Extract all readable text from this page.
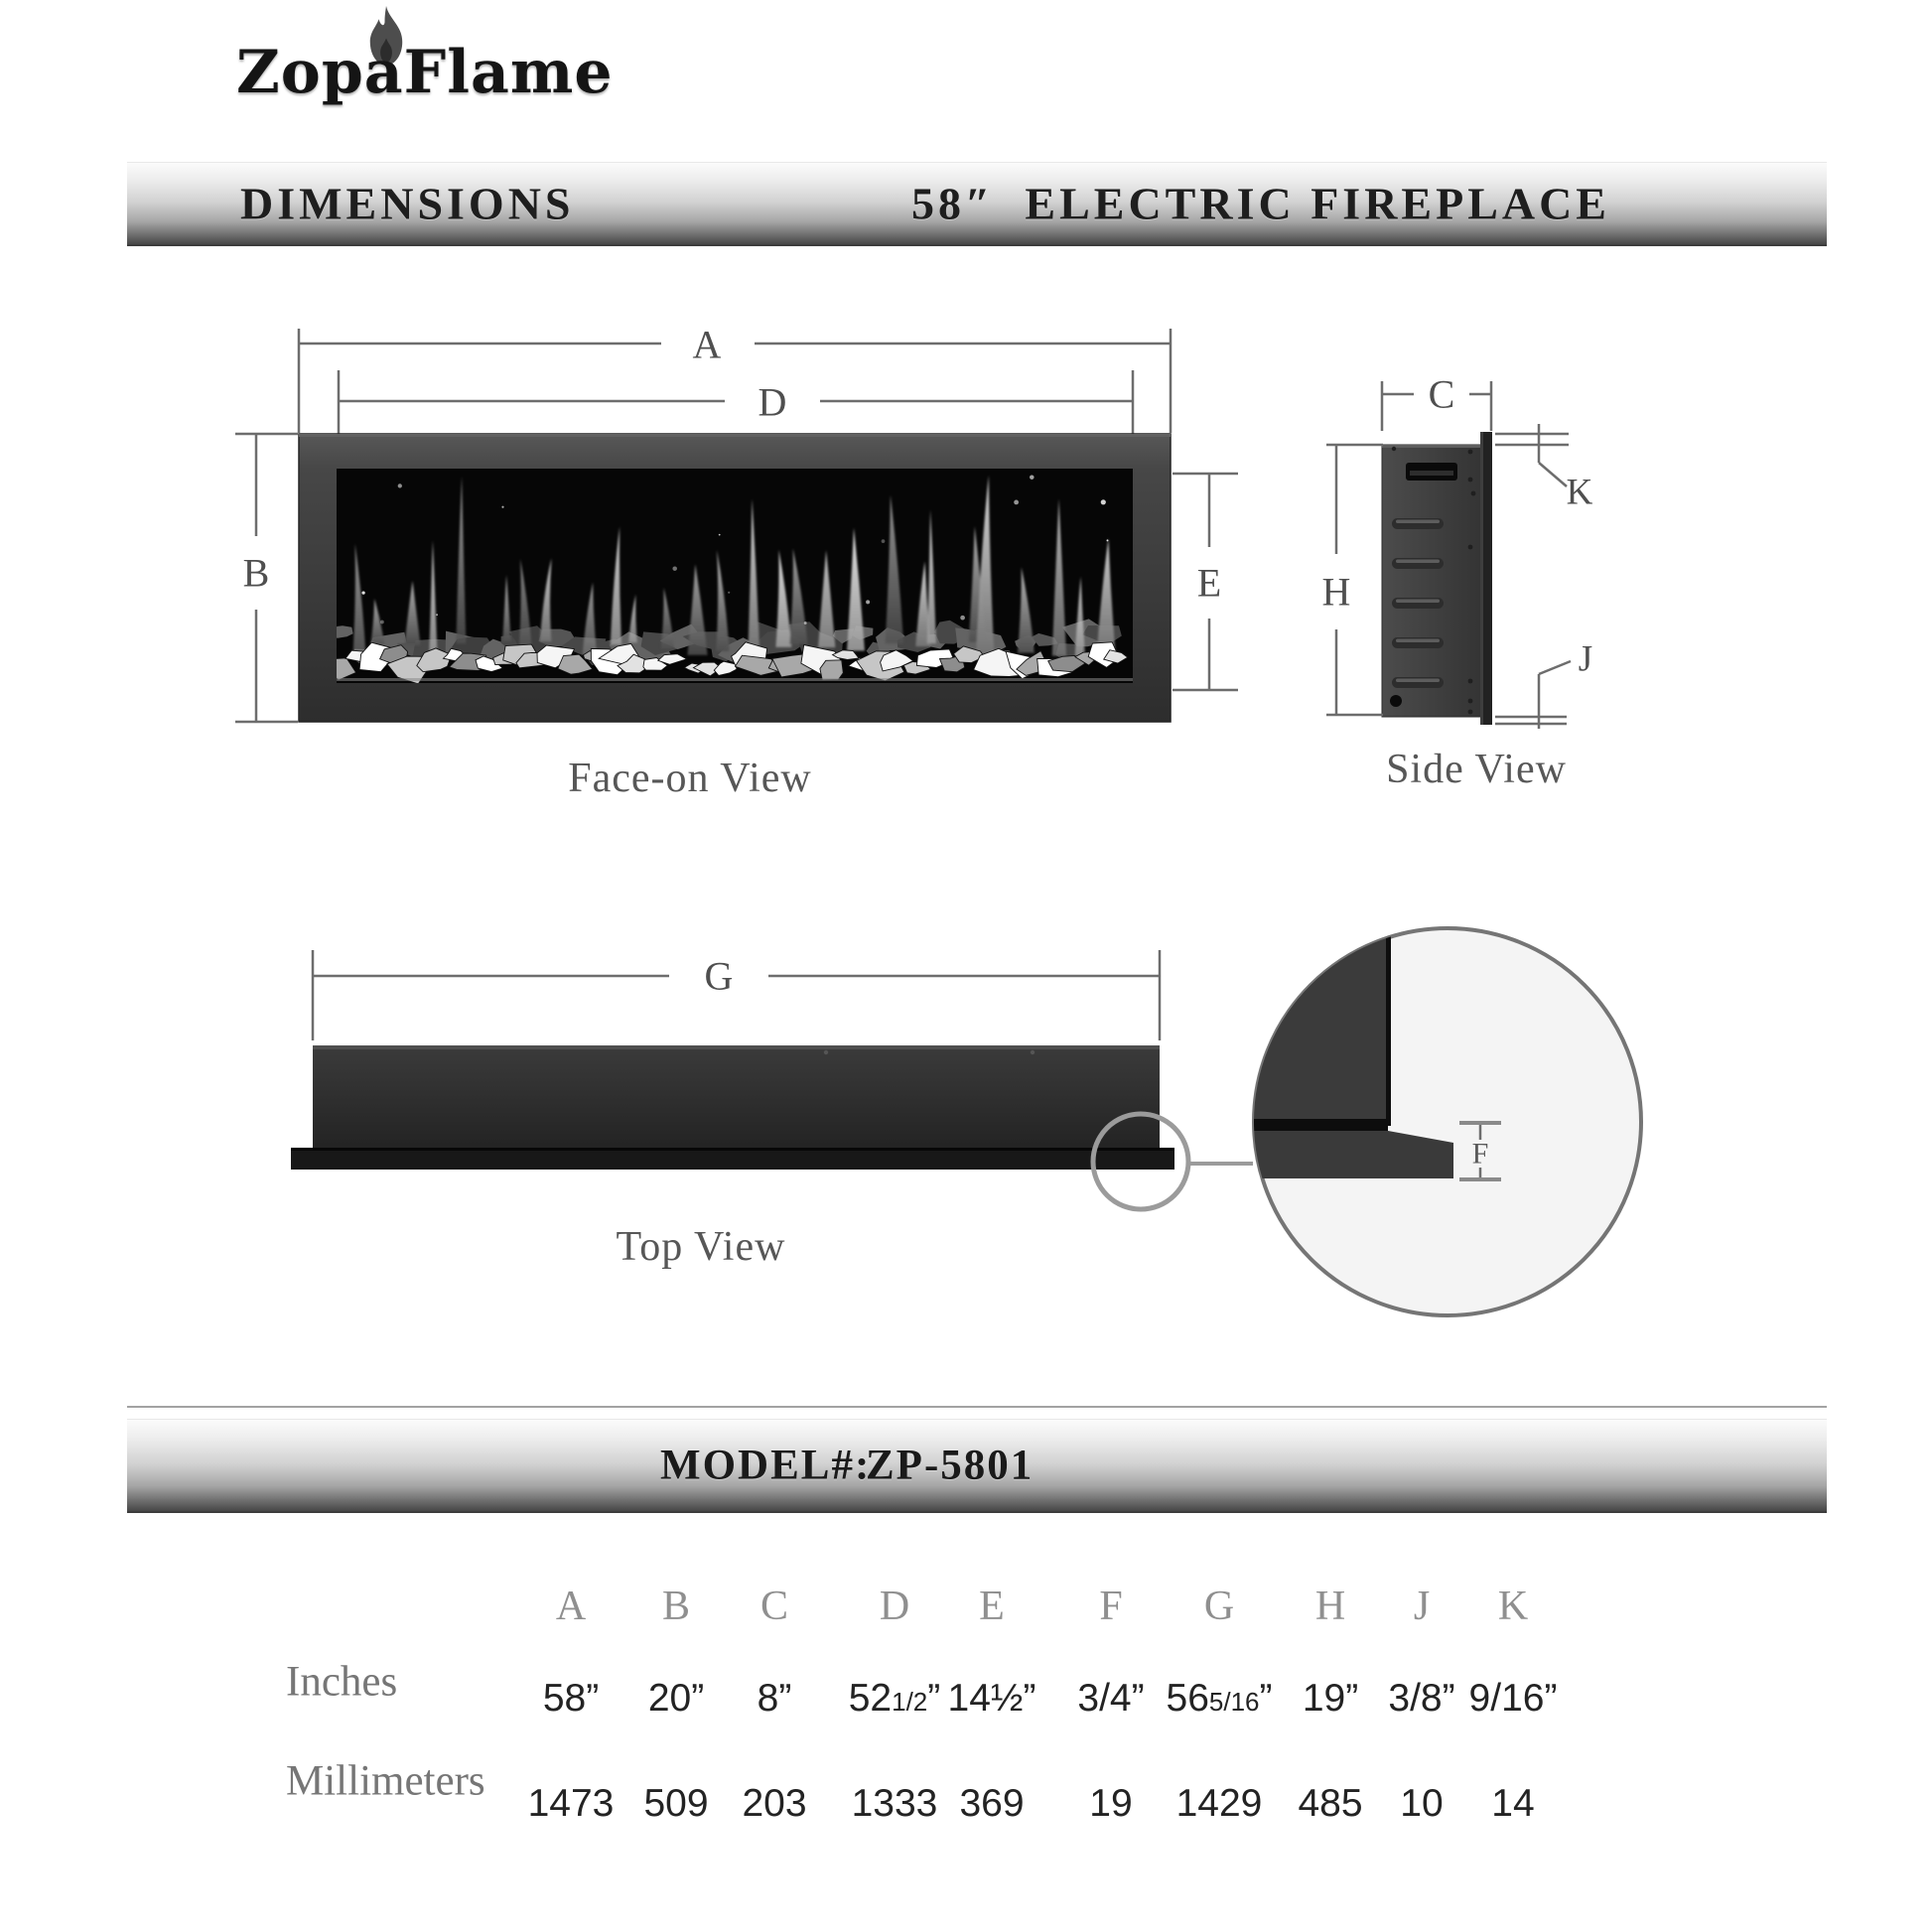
ZopaFlame
DIMENSIONS	58″  ELECTRIC FIREPLACE
A
D
B	E
Face-on View
C
H
K
J
Side View
G
Top View
F
MODEL#:
ZP-5801
A B C D E F G H J K
Inches	58” 20” 8” 521/2” 14½” 3/4” 565/16” 19” 3/8” 9/16”
Millimeters 1473 509 203 1333 369 19 1429 485 10 14
